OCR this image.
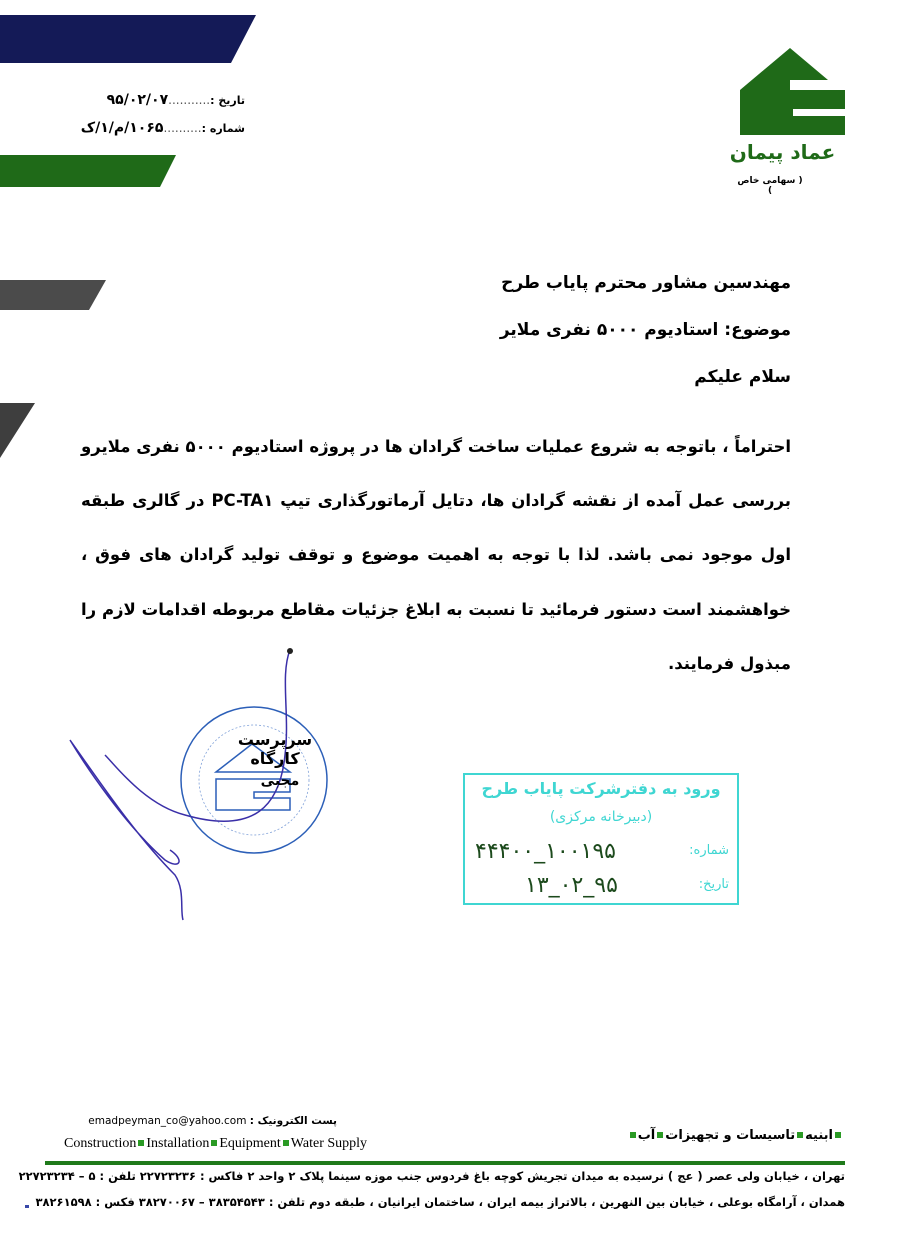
تاریخ :...........۹۵/۰۲/۰۷
شماره :..........۱۰۶۵/م/۱/ک
عماد پیمان
( سهامی خاص )
مهندسین مشاور محترم پایاب طرح
موضوع: استادیوم ۵۰۰۰ نفری ملایر
سلام علیکم
احتراماً ، باتوجه به شروع عملیات ساخت گرادان ها در پروژه استادیوم ۵۰۰۰ نفری ملایرو
بررسی عمل آمده از نقشه گرادان ها، دتایل آرماتورگذاری تیپ PC-TA۱ در گالری طبقه
اول موجود نمی باشد. لذا با توجه به اهمیت موضوع و توقف تولید گرادان های فوق ،
خواهشمند است دستور فرمائید تا نسبت به ابلاغ جزئیات مقاطع مربوطه اقدامات لازم را
مبذول فرمایند.
سرپرست کارگاه
مجبی	ورود به دفترشرکت پایاب طرح
(دبیرخانه مرکزی)
شماره:
۱۰۰۱۹۵_۴۴۴۰۰
تاریخ:
۹۵_۰۲_۱۳
emadpeyman_co@yahoo.com پست الکترونیک :
Construction Installation Equipment Water Supply
ابنیهتاسیسات و تجهیزاتآب
تهران ، خیابان ولی عصر ( عج ) نرسیده به میدان تجریش کوچه باغ فردوس جنب موزه سینما پلاک ۲ واحد ۲ فاکس : ۲۲۷۲۳۲۳۶ تلفن : ۵ – ۲۲۷۲۳۲۳۴
همدان ، آرامگاه بوعلی ، خیابان بین النهرین ، بالاتراز بیمه ایران ، ساختمان ایرانیان ، طبقه دوم تلفن : ۳۸۳۵۴۵۴۳ – ۳۸۲۷۰۰۶۷ فکس : ۳۸۲۶۱۵۹۸
